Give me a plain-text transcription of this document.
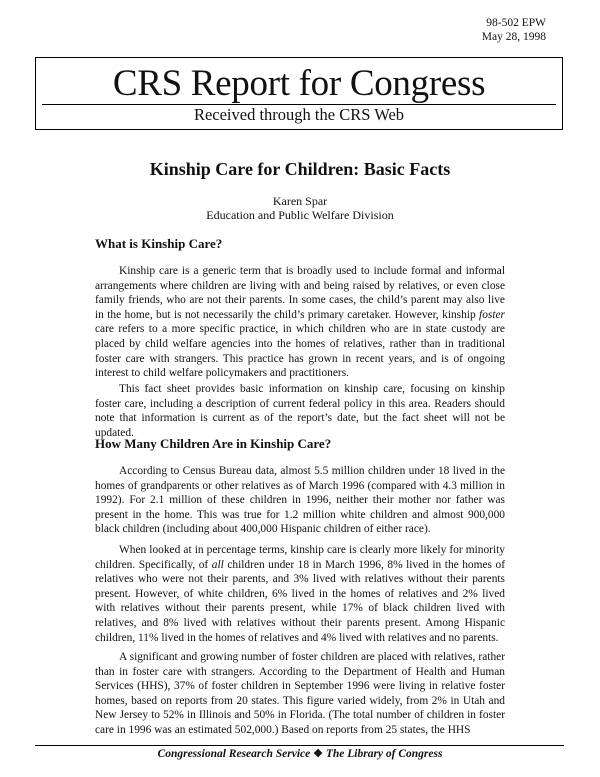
98-502 EPW
May 28, 1998
CRS Report for Congress
Received through the CRS Web
Kinship Care for Children: Basic Facts
Karen Spar
Education and Public Welfare Division
What is Kinship Care?

Kinship care is a generic term that is broadly used to include formal and informal arrangements where children are living with and being raised by relatives, or even close family friends, who are not their parents. In some cases, the child’s parent may also live in the home, but is not necessarily the child’s primary caretaker. However, kinship foster care refers to a more specific practice, in which children who are in state custody are placed by child welfare agencies into the homes of relatives, rather than in traditional foster care with strangers. This practice has grown in recent years, and is of ongoing interest to child welfare policymakers and practitioners.

This fact sheet provides basic information on kinship care, focusing on kinship foster care, including a description of current federal policy in this area. Readers should note that information is current as of the report’s date, but the fact sheet will not be updated.

How Many Children Are in Kinship Care?

According to Census Bureau data, almost 5.5 million children under 18 lived in the homes of grandparents or other relatives as of March 1996 (compared with 4.3 million in 1992). For 2.1 million of these children in 1996, neither their mother nor father was present in the home. This was true for 1.2 million white children and almost 900,000 black children (including about 400,000 Hispanic children of either race).

When looked at in percentage terms, kinship care is clearly more likely for minority children. Specifically, of all children under 18 in March 1996, 8% lived in the homes of relatives who were not their parents, and 3% lived with relatives without their parents present. However, of white children, 6% lived in the homes of relatives and 2% lived with relatives without their parents present, while 17% of black children lived with relatives, and 8% lived with relatives without their parents present. Among Hispanic children, 11% lived in the homes of relatives and 4% lived with relatives and no parents.

A significant and growing number of foster children are placed with relatives, rather than in foster care with strangers. According to the Department of Health and Human Services (HHS), 37% of foster children in September 1996 were living in relative foster homes, based on reports from 20 states. This figure varied widely, from 2% in Utah and New Jersey to 52% in Illinois and 50% in Florida. (The total number of children in foster care in 1996 was an estimated 502,000.) Based on reports from 25 states, the HHS

Congressional Research Service ❖ The Library of Congress
